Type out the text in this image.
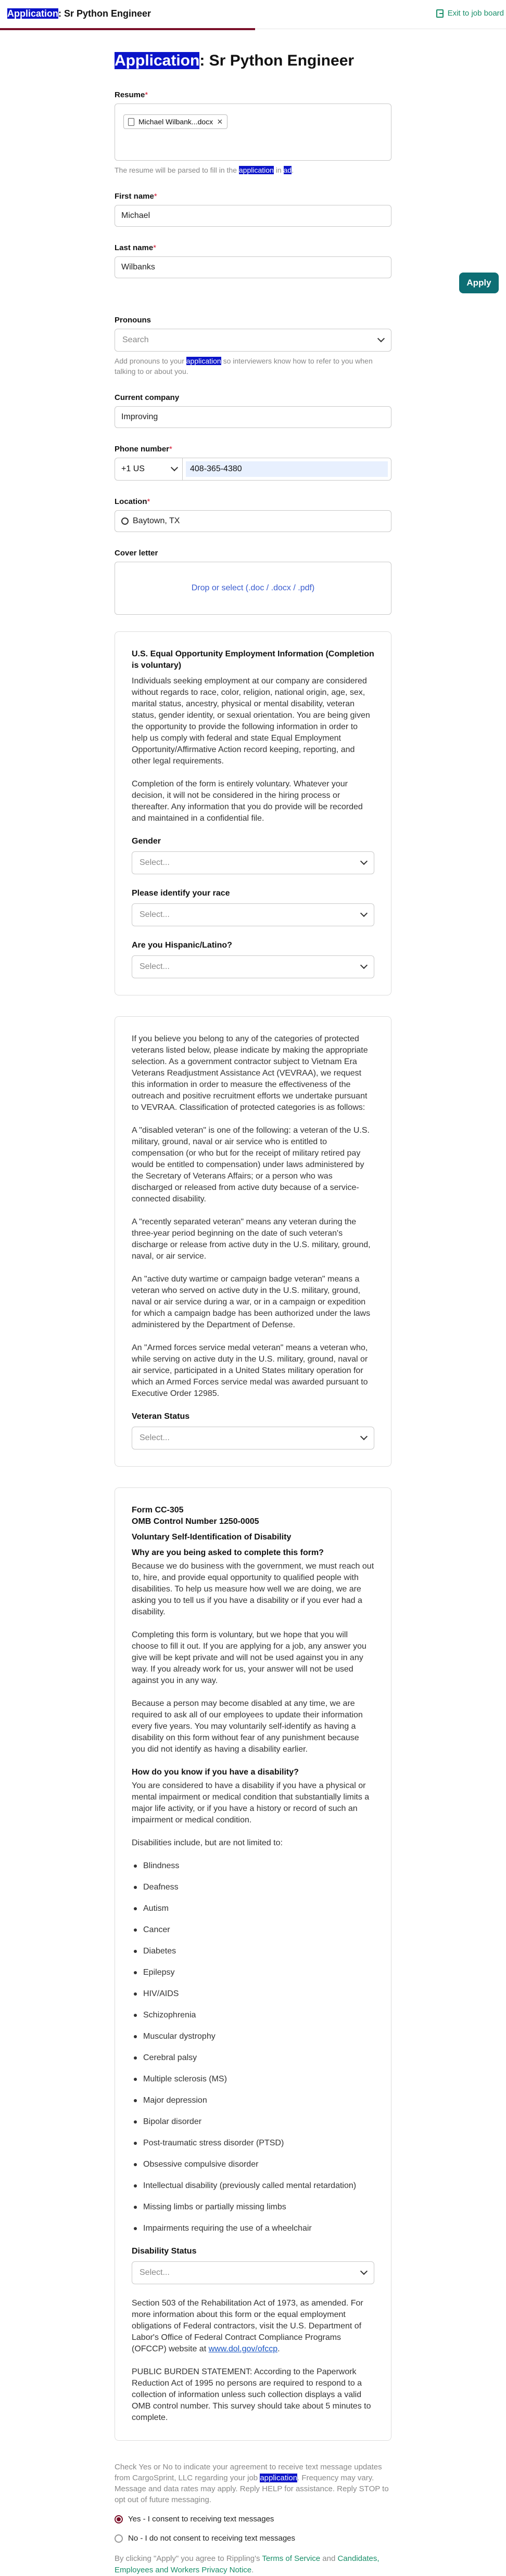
Application: Sr Python Engineer	Exit to job board
Apply
Application: Sr Python Engineer
Resume*
Michael Wilbank...docx ×
The resume will be parsed to fill in the application in ad.
First name*
Michael
Last name*
Wilbanks
Pronouns
Search
Add pronouns to your application so interviewers know how to refer to you when talking to or about you.
Current company
Improving
Phone number*
+1 US	408-365-4380
Location*
Baytown, TX
Cover letter
Drop or select (.doc / .docx / .pdf)

U.S. Equal Opportunity Employment Information (Completion is voluntary)

Individuals seeking employment at our company are considered without regards to race, color, religion, national origin, age, sex, marital status, ancestry, physical or mental disability, veteran status, gender identity, or sexual orientation. You are being given the opportunity to provide the following information in order to help us comply with federal and state Equal Employment Opportunity/Affirmative Action record keeping, reporting, and other legal requirements.

Completion of the form is entirely voluntary. Whatever your decision, it will not be considered in the hiring process or thereafter. Any information that you do provide will be recorded and maintained in a confidential file.

Gender
Select...
Please identify your race
Select...
Are you Hispanic/Latino?
Select...

If you believe you belong to any of the categories of protected veterans listed below, please indicate by making the appropriate selection. As a government contractor subject to Vietnam Era Veterans Readjustment Assistance Act (VEVRAA), we request this information in order to measure the effectiveness of the outreach and positive recruitment efforts we undertake pursuant to VEVRAA. Classification of protected categories is as follows:

A "disabled veteran" is one of the following: a veteran of the U.S. military, ground, naval or air service who is entitled to compensation (or who but for the receipt of military retired pay would be entitled to compensation) under laws administered by the Secretary of Veterans Affairs; or a person who was discharged or released from active duty because of a service-connected disability.

A "recently separated veteran" means any veteran during the three-year period beginning on the date of such veteran's discharge or release from active duty in the U.S. military, ground, naval, or air service.

An "active duty wartime or campaign badge veteran" means a veteran who served on active duty in the U.S. military, ground, naval or air service during a war, or in a campaign or expedition for which a campaign badge has been authorized under the laws administered by the Department of Defense.

An "Armed forces service medal veteran" means a veteran who, while serving on active duty in the U.S. military, ground, naval or air service, participated in a United States military operation for which an Armed Forces service medal was awarded pursuant to Executive Order 12985.

Veteran Status
Select...
Form CC-305

OMB Control Number 1250-0005

Voluntary Self-Identification of Disability

Why are you being asked to complete this form?

Because we do business with the government, we must reach out to, hire, and provide equal opportunity to qualified people with disabilities. To help us measure how well we are doing, we are asking you to tell us if you have a disability or if you ever had a disability.

Completing this form is voluntary, but we hope that you will choose to fill it out. If you are applying for a job, any answer you give will be kept private and will not be used against you in any way. If you already work for us, your answer will not be used against you in any way.

Because a person may become disabled at any time, we are required to ask all of our employees to update their information every five years. You may voluntarily self-identify as having a disability on this form without fear of any punishment because you did not identify as having a disability earlier.

How do you know if you have a disability?

You are considered to have a disability if you have a physical or mental impairment or medical condition that substantially limits a major life activity, or if you have a history or record of such an impairment or medical condition.

Disabilities include, but are not limited to:

Blindness
Deafness
Autism
Cancer
Diabetes
Epilepsy
HIV/AIDS
Schizophrenia
Muscular dystrophy
Cerebral palsy
Multiple sclerosis (MS)
Major depression
Bipolar disorder
Post-traumatic stress disorder (PTSD)
Obsessive compulsive disorder
Intellectual disability (previously called mental retardation)
Missing limbs or partially missing limbs
Impairments requiring the use of a wheelchair
Disability Status
Select...

Section 503 of the Rehabilitation Act of 1973, as amended. For more information about this form or the equal employment obligations of Federal contractors, visit the U.S. Department of Labor's Office of Federal Contract Compliance Programs (OFCCP) website at www.dol.gov/ofccp.

PUBLIC BURDEN STATEMENT: According to the Paperwork Reduction Act of 1995 no persons are required to respond to a collection of information unless such collection displays a valid OMB control number. This survey should take about 5 minutes to complete.

Check Yes or No to indicate your agreement to receive text message updates from CargoSprint, LLC regarding your job application. Frequency may vary. Message and data rates may apply. Reply HELP for assistance. Reply STOP to opt out of future messaging.
Yes - I consent to receiving text messages
No - I do not consent to receiving text messages
By clicking "Apply" you agree to Rippling's Terms of Service and Candidates, Employees and Workers Privacy Notice.
